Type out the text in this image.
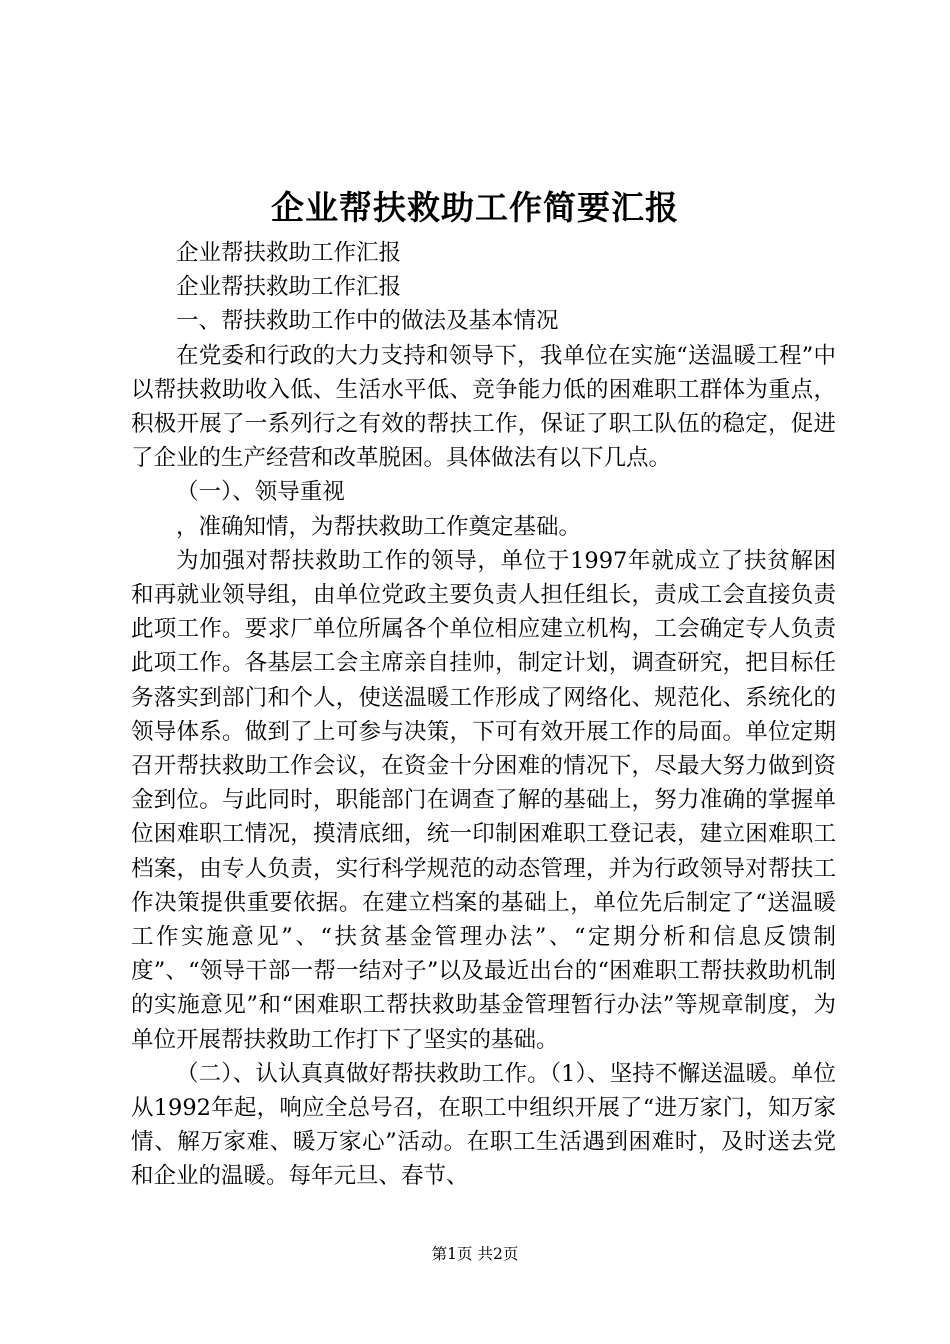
企业帮扶救助工作简要汇报

企业帮扶救助工作汇报

企业帮扶救助工作汇报

一、帮扶救助工作中的做法及基本情况

在党委和行政的大力支持和领导下，我单位在实施“送温暖工程”中以帮扶救助收入低、生活水平低、竞争能力低的困难职工群体为重点，积极开展了一系列行之有效的帮扶工作，保证了职工队伍的稳定，促进了企业的生产经营和改革脱困。具体做法有以下几点。

（一）、领导重视

，准确知情，为帮扶救助工作奠定基础。

为加强对帮扶救助工作的领导，单位于1997年就成立了扶贫解困和再就业领导组，由单位党政主要负责人担任组长，责成工会直接负责此项工作。要求厂单位所属各个单位相应建立机构，工会确定专人负责此项工作。各基层工会主席亲自挂帅，制定计划，调查研究，把目标任务落实到部门和个人，使送温暖工作形成了网络化、规范化、系统化的领导体系。做到了上可参与决策，下可有效开展工作的局面。单位定期召开帮扶救助工作会议，在资金十分困难的情况下，尽最大努力做到资金到位。与此同时，职能部门在调查了解的基础上，努力准确的掌握单位困难职工情况，摸清底细，统一印制困难职工登记表，建立困难职工档案，由专人负责，实行科学规范的动态管理，并为行政领导对帮扶工作决策提供重要依据。在建立档案的基础上，单位先后制定了“送温暖工作实施意见”、“扶贫基金管理办法”、“定期分析和信息反馈制度”、“领导干部一帮一结对子”以及最近出台的“困难职工帮扶救助机制的实施意见”和“困难职工帮扶救助基金管理暂行办法”等规章制度，为单位开展帮扶救助工作打下了坚实的基础。

（二）、认认真真做好帮扶救助工作。（1）、坚持不懈送温暖。单位从1992年起，响应全总号召，在职工中组织开展了“进万家门，知万家情、解万家难、暖万家心”活动。在职工生活遇到困难时，及时送去党和企业的温暖。每年元旦、春节、

第1页 共2页
